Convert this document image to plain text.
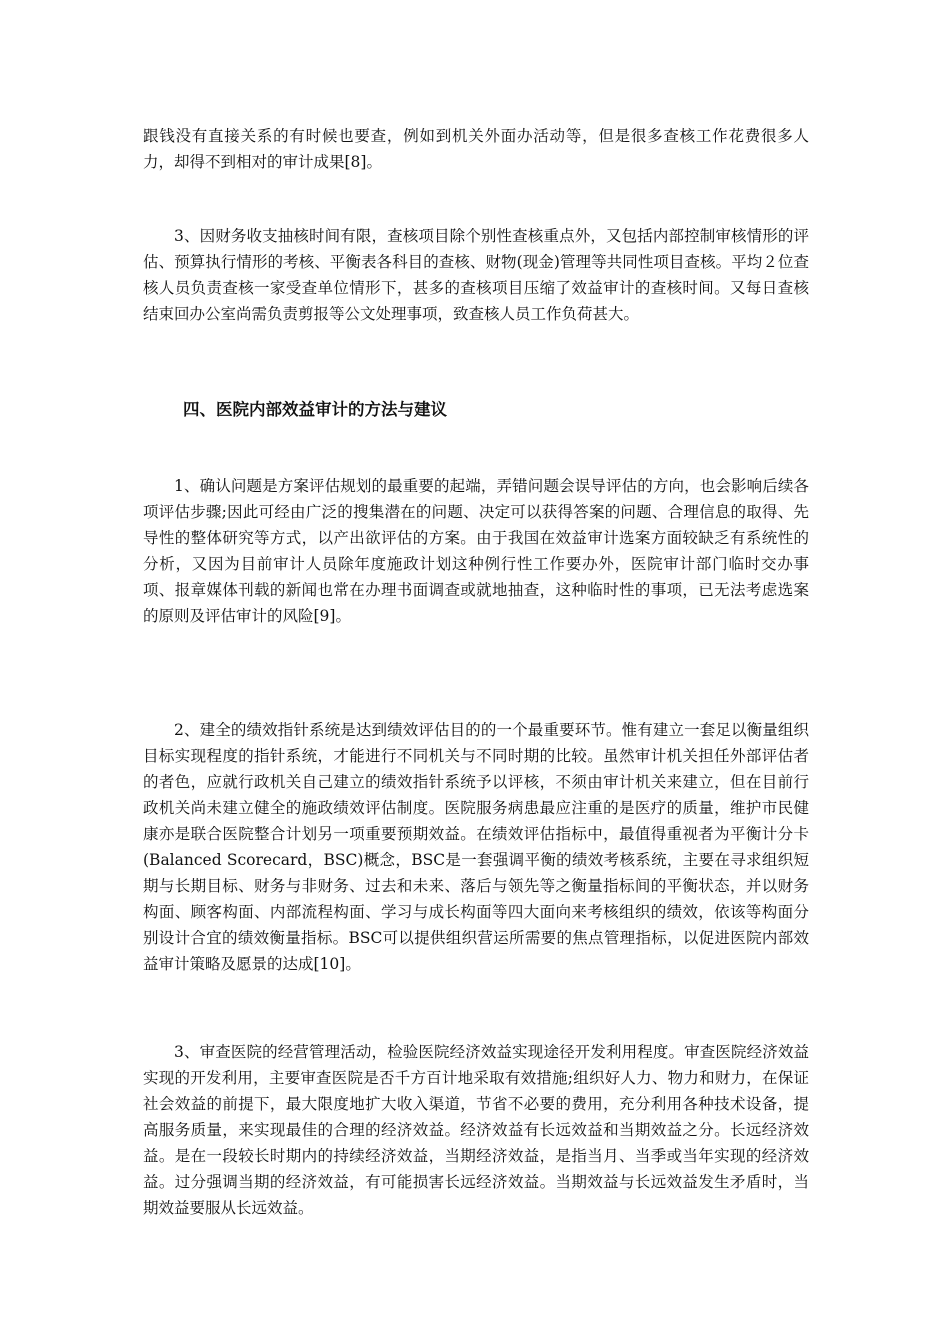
跟钱没有直接关系的有时候也要查，例如到机关外面办活动等，但是很多查核工作花费很多人力，却得不到相对的审计成果[8]。

3、因财务收支抽核时间有限，查核项目除个别性查核重点外，又包括内部控制审核情形的评估、预算执行情形的考核、平衡表各科目的查核、财物(现金)管理等共同性项目查核。平均２位查核人员负责查核一家受查单位情形下，甚多的查核项目压缩了效益审计的查核时间。又每日查核结束回办公室尚需负责剪报等公文处理事项，致查核人员工作负荷甚大。

四、医院内部效益审计的方法与建议

1、确认问题是方案评估规划的最重要的起端，弄错问题会误导评估的方向，也会影响后续各项评估步骤;因此可经由广泛的搜集潜在的问题、决定可以获得答案的问题、合理信息的取得、先导性的整体研究等方式，以产出欲评估的方案。由于我国在效益审计选案方面较缺乏有系统性的分析，又因为目前审计人员除年度施政计划这种例行性工作要办外，医院审计部门临时交办事项、报章媒体刊载的新闻也常在办理书面调查或就地抽查，这种临时性的事项，已无法考虑选案的原则及评估审计的风险[9]。

2、建全的绩效指针系统是达到绩效评估目的的一个最重要环节。惟有建立一套足以衡量组织目标实现程度的指针系统，才能进行不同机关与不同时期的比较。虽然审计机关担任外部评估者的者色，应就行政机关自己建立的绩效指针系统予以评核，不须由审计机关来建立，但在目前行政机关尚未建立健全的施政绩效评估制度。医院服务病患最应注重的是医疗的质量，维护市民健康亦是联合医院整合计划另一项重要预期效益。在绩效评估指标中，最值得重视者为平衡计分卡(Balanced Scorecard，BSC)概念，BSC是一套强调平衡的绩效考核系统，主要在寻求组织短期与长期目标、财务与非财务、过去和未来、落后与领先等之衡量指标间的平衡状态，并以财务构面、顾客构面、内部流程构面、学习与成长构面等四大面向来考核组织的绩效，依该等构面分别设计合宜的绩效衡量指标。BSC可以提供组织营运所需要的焦点管理指标，以促进医院内部效益审计策略及愿景的达成[10]。

3、审查医院的经营管理活动，检验医院经济效益实现途径开发利用程度。审查医院经济效益实现的开发利用，主要审查医院是否千方百计地采取有效措施;组织好人力、物力和财力，在保证社会效益的前提下，最大限度地扩大收入渠道，节省不必要的费用，充分利用各种技术设备，提高服务质量，来实现最佳的合理的经济效益。经济效益有长远效益和当期效益之分。长远经济效益。是在一段较长时期内的持续经济效益，当期经济效益，是指当月、当季或当年实现的经济效益。过分强调当期的经济效益，有可能损害长远经济效益。当期效益与长远效益发生矛盾时，当期效益要服从长远效益。
